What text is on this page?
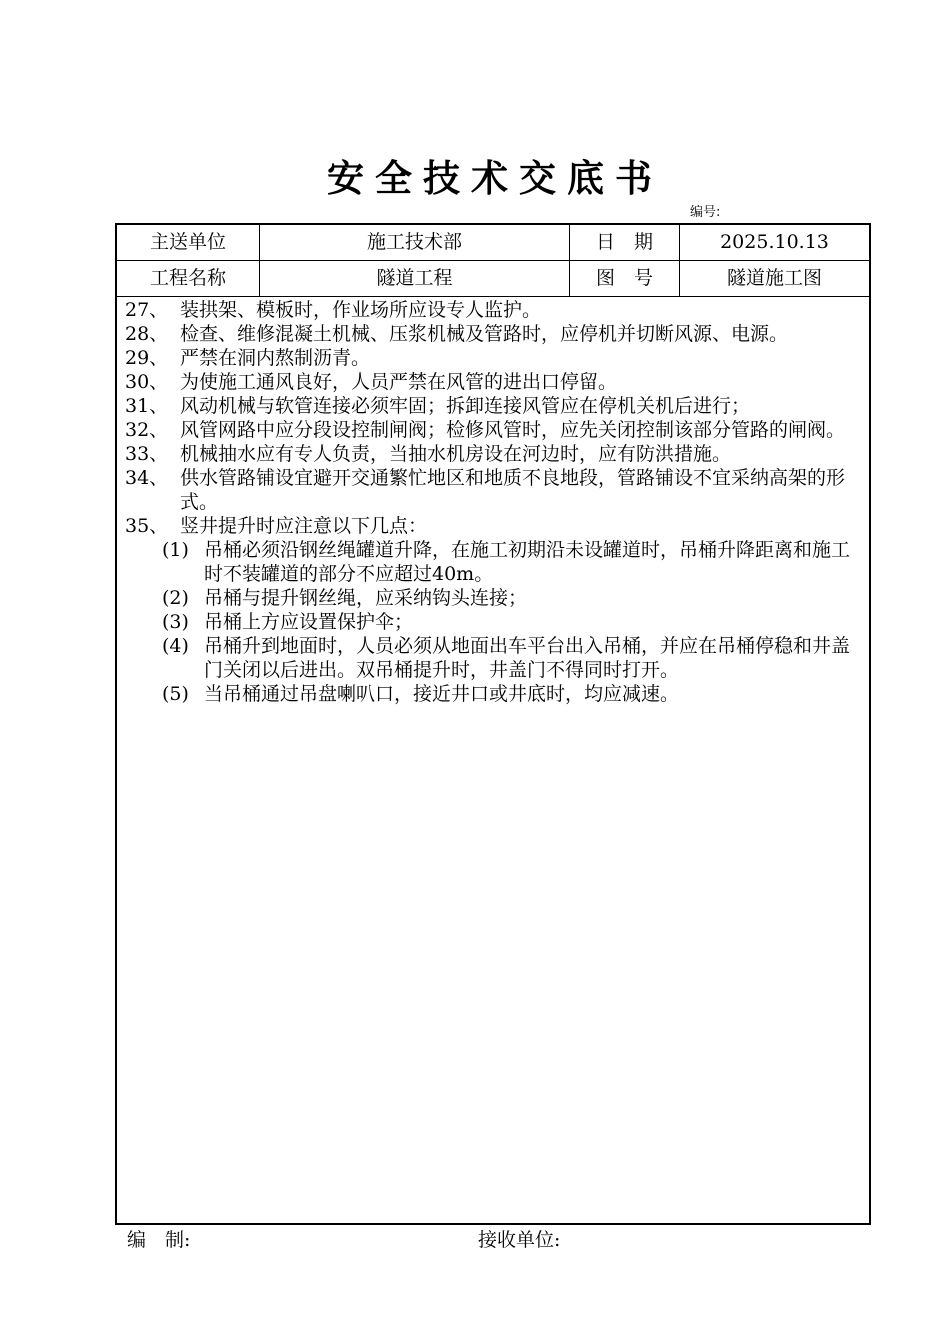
安全技术交底书
编号:
主送单位	施工技术部	日　期	2025.10.13
工程名称	隧道工程	图　号	隧道施工图
27、 装拱架、模板时，作业场所应设专人监护。
28、 检查、维修混凝土机械、压浆机械及管路时，应停机并切断风源、电源。
29、 严禁在洞内熬制沥青。
30、 为使施工通风良好，人员严禁在风管的进出口停留。
31、 风动机械与软管连接必须牢固；拆卸连接风管应在停机关机后进行；
32、 风管网路中应分段设控制闸阀；检修风管时，应先关闭控制该部分管路的闸阀。
33、 机械抽水应有专人负责，当抽水机房设在河边时，应有防洪措施。
34、 供水管路铺设宜避开交通繁忙地区和地质不良地段，管路铺设不宜采纳高架的形式。
35、 竖井提升时应注意以下几点：
(1) 吊桶必须沿钢丝绳罐道升降，在施工初期沿未设罐道时，吊桶升降距离和施工时不装罐道的部分不应超过40m。
(2) 吊桶与提升钢丝绳，应采纳钩头连接；
(3) 吊桶上方应设置保护伞；
(4) 吊桶升到地面时，人员必须从地面出车平台出入吊桶，并应在吊桶停稳和井盖门关闭以后进出。双吊桶提升时，井盖门不得同时打开。
(5) 当吊桶通过吊盘喇叭口，接近井口或井底时，均应减速。
编　制:	接收单位:
